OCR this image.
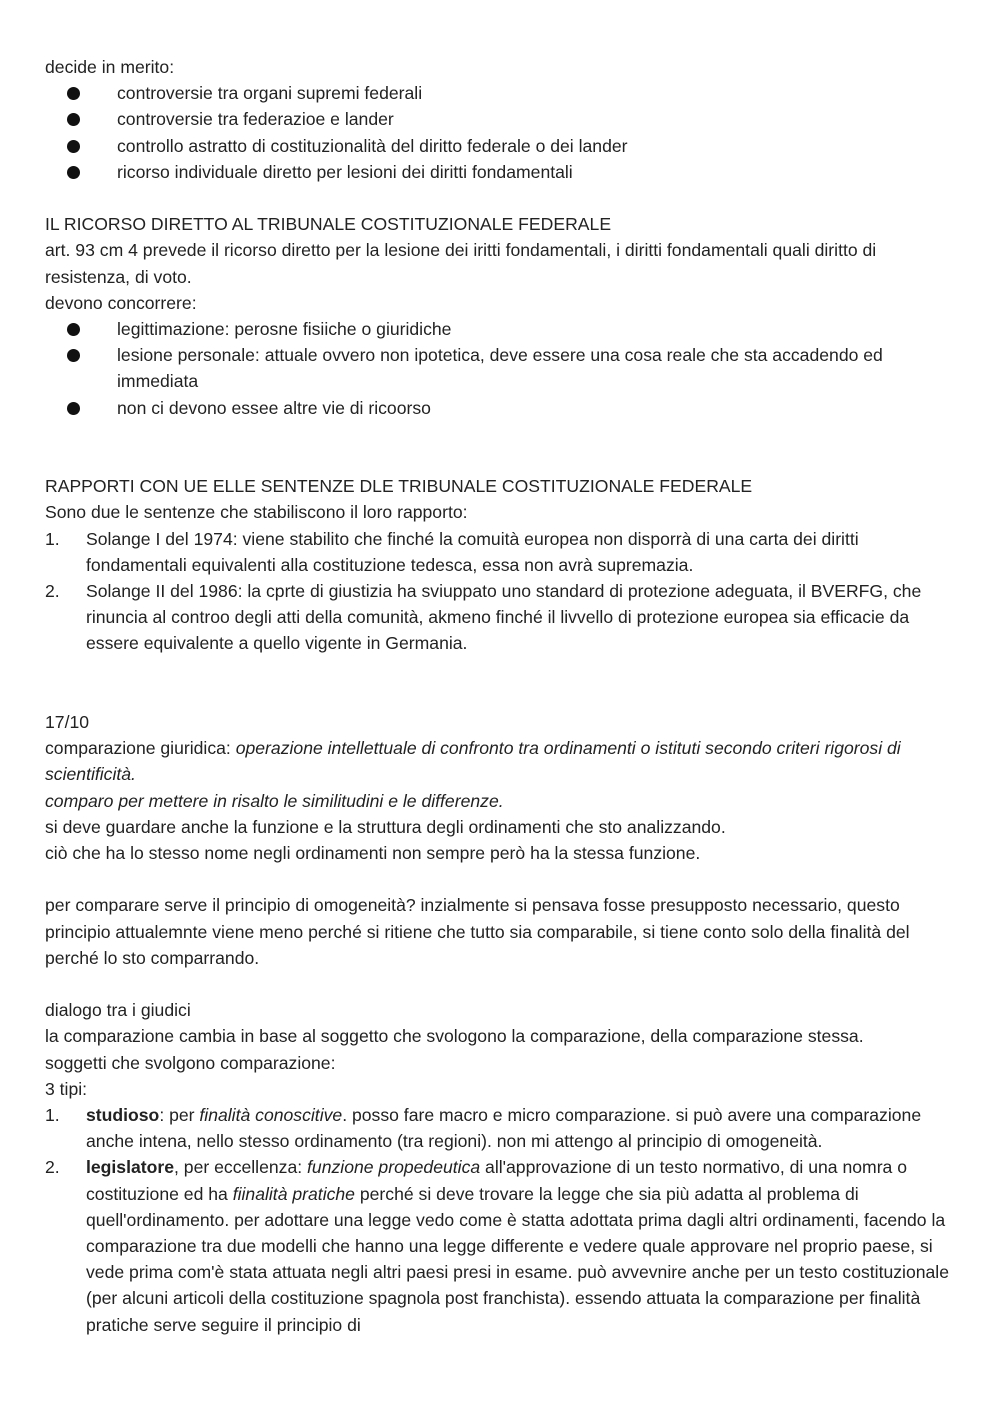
decide in merito:

controversie tra organi supremi federali
controversie tra federazioe e lander
controllo astratto di costituzionalità del diritto federale o dei lander
ricorso individuale diretto per lesioni dei diritti fondamentali

IL RICORSO DIRETTO AL TRIBUNALE COSTITUZIONALE FEDERALE

art. 93 cm 4 prevede il ricorso diretto per la lesione dei iritti fondamentali, i diritti fondamentali quali diritto di resistenza, di voto.

devono concorrere:

legittimazione: perosne fisiiche o giuridiche
lesione personale: attuale ovvero non ipotetica, deve essere una cosa reale che sta accadendo ed immediata
non ci devono essee altre vie di ricoorso

RAPPORTI CON UE ELLE SENTENZE DLE TRIBUNALE COSTITUZIONALE FEDERALE

Sono due le sentenze che stabiliscono il loro rapporto:

1. Solange I del 1974: viene stabilito che finché la comuità europea non disporrà di una carta dei diritti fondamentali equivalenti alla costituzione tedesca, essa non avrà supremazia.
2. Solange II del 1986: la cprte di giustizia ha sviuppato uno standard di protezione adeguata, il BVERFG, che rinuncia al controo degli atti della comunità, akmeno finché il livvello di protezione europea sia efficacie da essere equivalente a quello vigente in Germania.

17/10

comparazione giuridica: operazione intellettuale di confronto tra ordinamenti o istituti secondo criteri rigorosi di scientificità.

comparo per mettere in risalto le similitudini e le differenze.

si deve guardare anche la funzione e la struttura degli ordinamenti che sto analizzando.

ciò che ha lo stesso nome negli ordinamenti non sempre però ha la stessa funzione.

per comparare serve il principio di omogeneità? inzialmente si pensava fosse presupposto necessario, questo principio attualemnte viene meno perché si ritiene che tutto sia comparabile, si tiene conto solo della finalità del perché lo sto comparrando.

dialogo tra i giudici

la comparazione cambia in base al soggetto che svologono la comparazione, della comparazione stessa.

soggetti che svolgono comparazione:

3 tipi:

1. studioso: per finalità conoscitive. posso fare macro e micro comparazione. si può avere una comparazione anche intena, nello stesso ordinamento (tra regioni). non mi attengo al principio di omogeneità.
2. legislatore, per eccellenza: funzione propedeutica all'approvazione di un testo normativo, di una nomra o costituzione ed ha fiinalità pratiche perché si deve trovare la legge che sia più adatta al problema di quell'ordinamento. per adottare una legge vedo come è statta adottata prima dagli altri ordinamenti, facendo la comparazione tra due modelli che hanno una legge differente e vedere quale approvare nel proprio paese, si vede prima com'è stata attuata negli altri paesi presi in esame. può avvevnire anche per un testo costituzionale (per alcuni articoli della costituzione spagnola post franchista). essendo attuata la comparazione per finalità pratiche serve seguire il principio di
